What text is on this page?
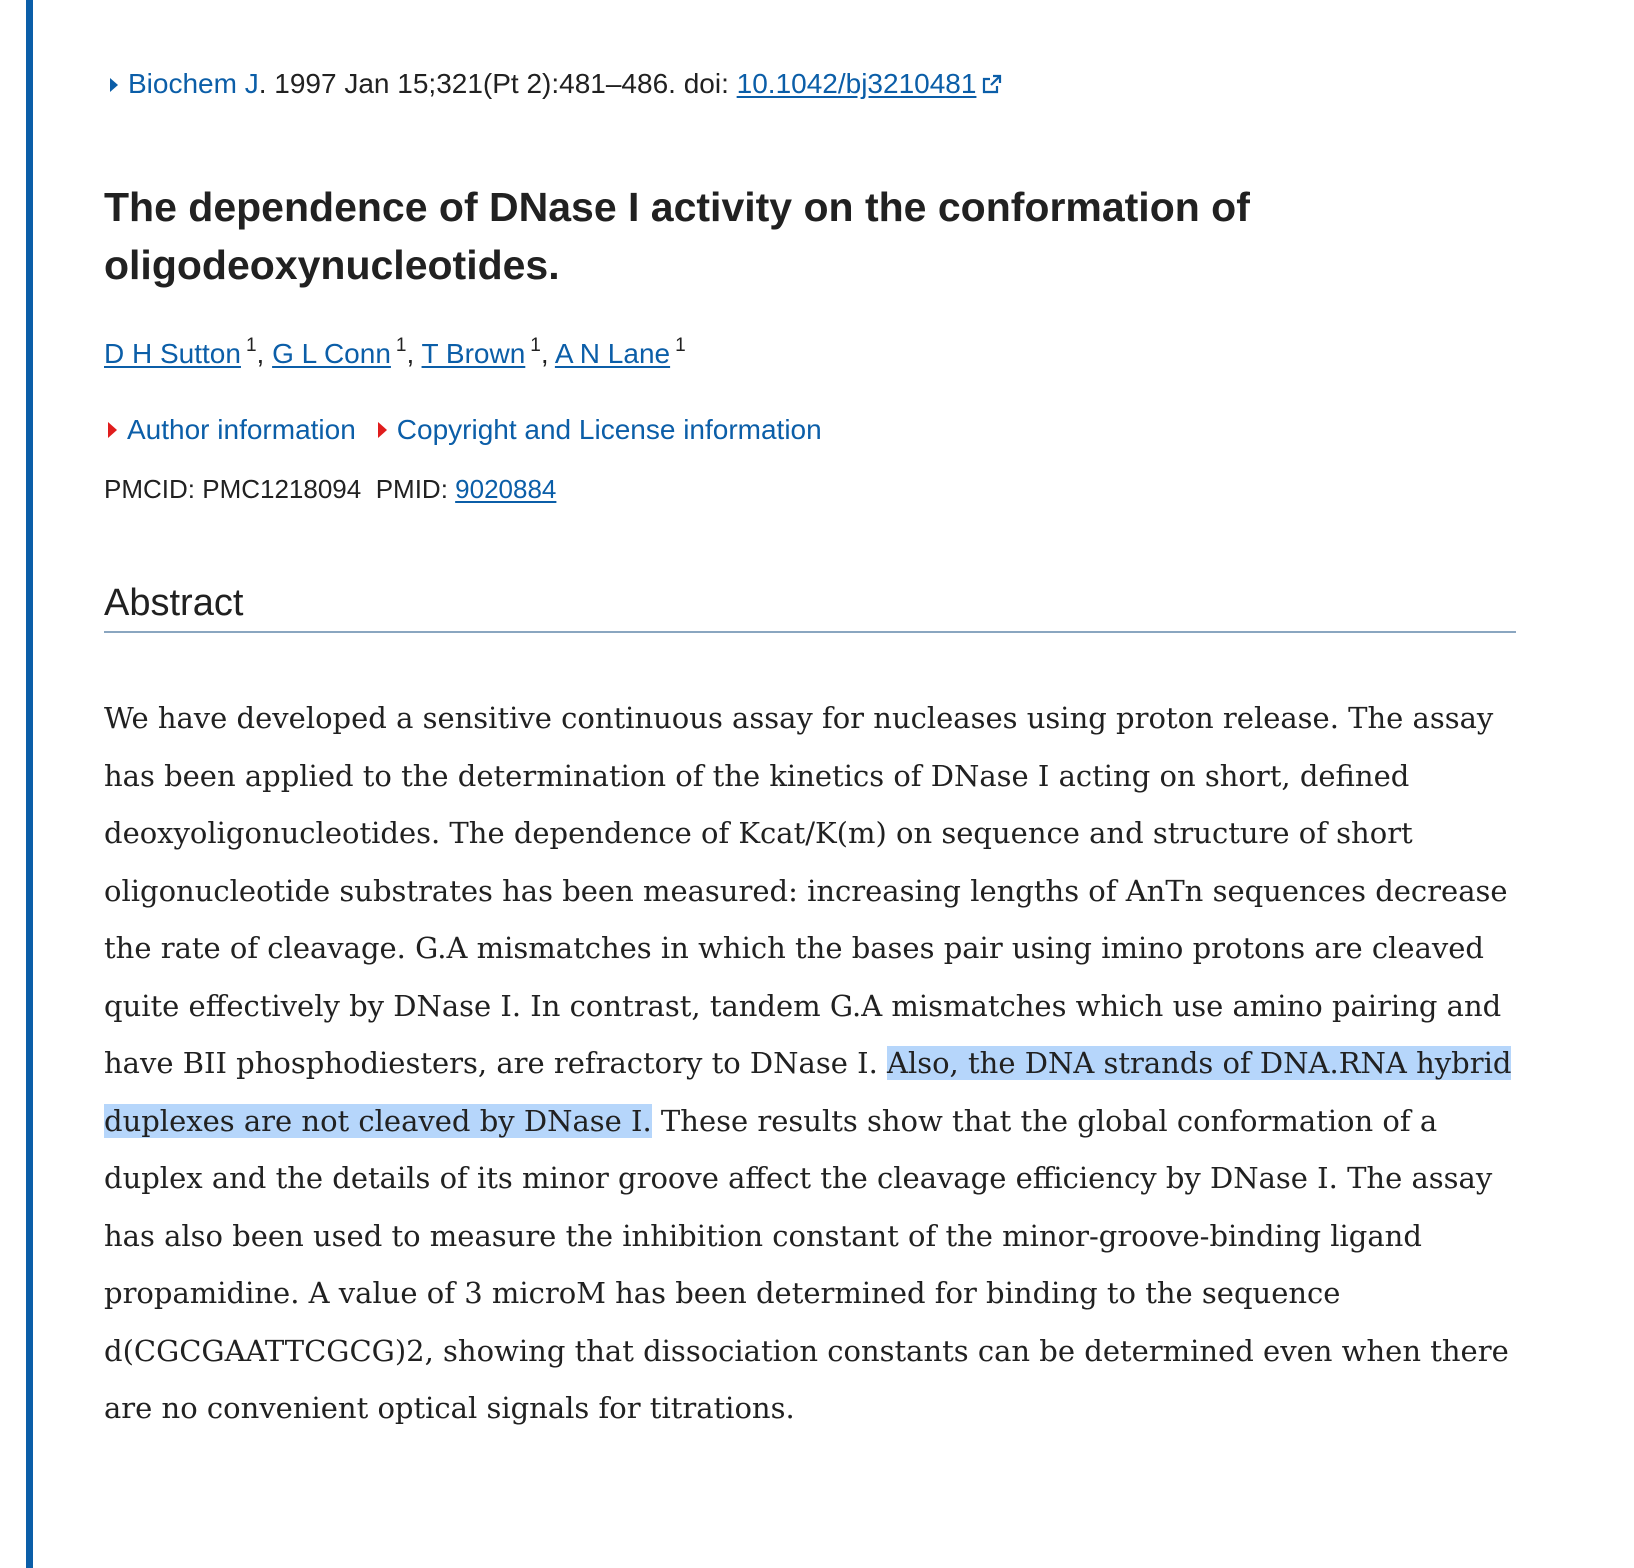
Biochem J. 1997 Jan 15;321(Pt 2):481–486. doi: 10.1042/bj3210481
The dependence of DNase I activity on the conformation of oligodeoxynucleotides.
D H Sutton $^1$, G L Conn $^1$, T Brown $^1$, A N Lane $^1$
Author information Copyright and License information
PMCID: PMC1218094 PMID: 9020884
Abstract

We have developed a sensitive continuous assay for nucleases using proton release. The assay has been applied to the determination of the kinetics of DNase I acting on short, defined deoxyoligonucleotides. The dependence of Kcat/K(m) on sequence and structure of short oligonucleotide substrates has been measured: increasing lengths of AnTn sequences decrease the rate of cleavage. G.A mismatches in which the bases pair using imino protons are cleaved quite effectively by DNase I. In contrast, tandem G.A mismatches which use amino pairing and have BII phosphodiesters, are refractory to DNase I. Also, the DNA strands of DNA.RNA hybrid duplexes are not cleaved by DNase I. These results show that the global conformation of a duplex and the details of its minor groove affect the cleavage efficiency by DNase I. The assay has also been used to measure the inhibition constant of the minor-groove-binding ligand propamidine. A value of 3 microM has been determined for binding to the sequence d(CGCGAATTCGCG)2, showing that dissociation constants can be determined even when there are no convenient optical signals for titrations.
